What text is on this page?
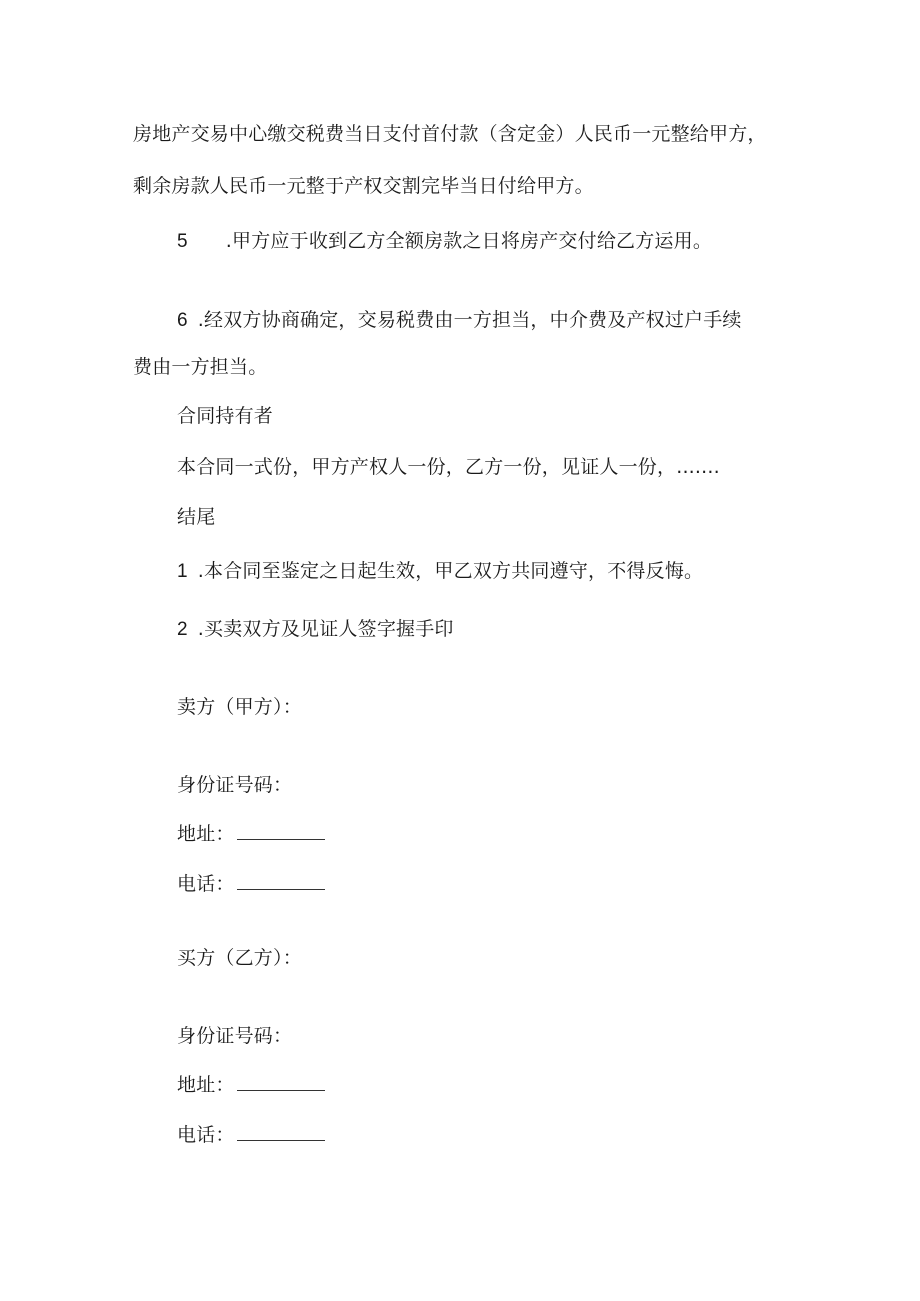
房地产交易中心缴交税费当日支付首付款（含定金）人民币一元整给甲方，
剩余房款人民币一元整于产权交割完毕当日付给甲方。
5 .甲方应于收到乙方全额房款之日将房产交付给乙方运用。
6 .经双方协商确定，交易税费由一方担当，中介费及产权过户手续
费由一方担当。
合同持有者
本合同一式份，甲方产权人一份，乙方一份，见证人一份，.......
结尾
1 .本合同至鉴定之日起生效，甲乙双方共同遵守，不得反悔。
2 .买卖双方及见证人签字握手印
卖方（甲方）：
身份证号码：
地址：
电话：
买方（乙方）：
身份证号码：
地址：
电话：
